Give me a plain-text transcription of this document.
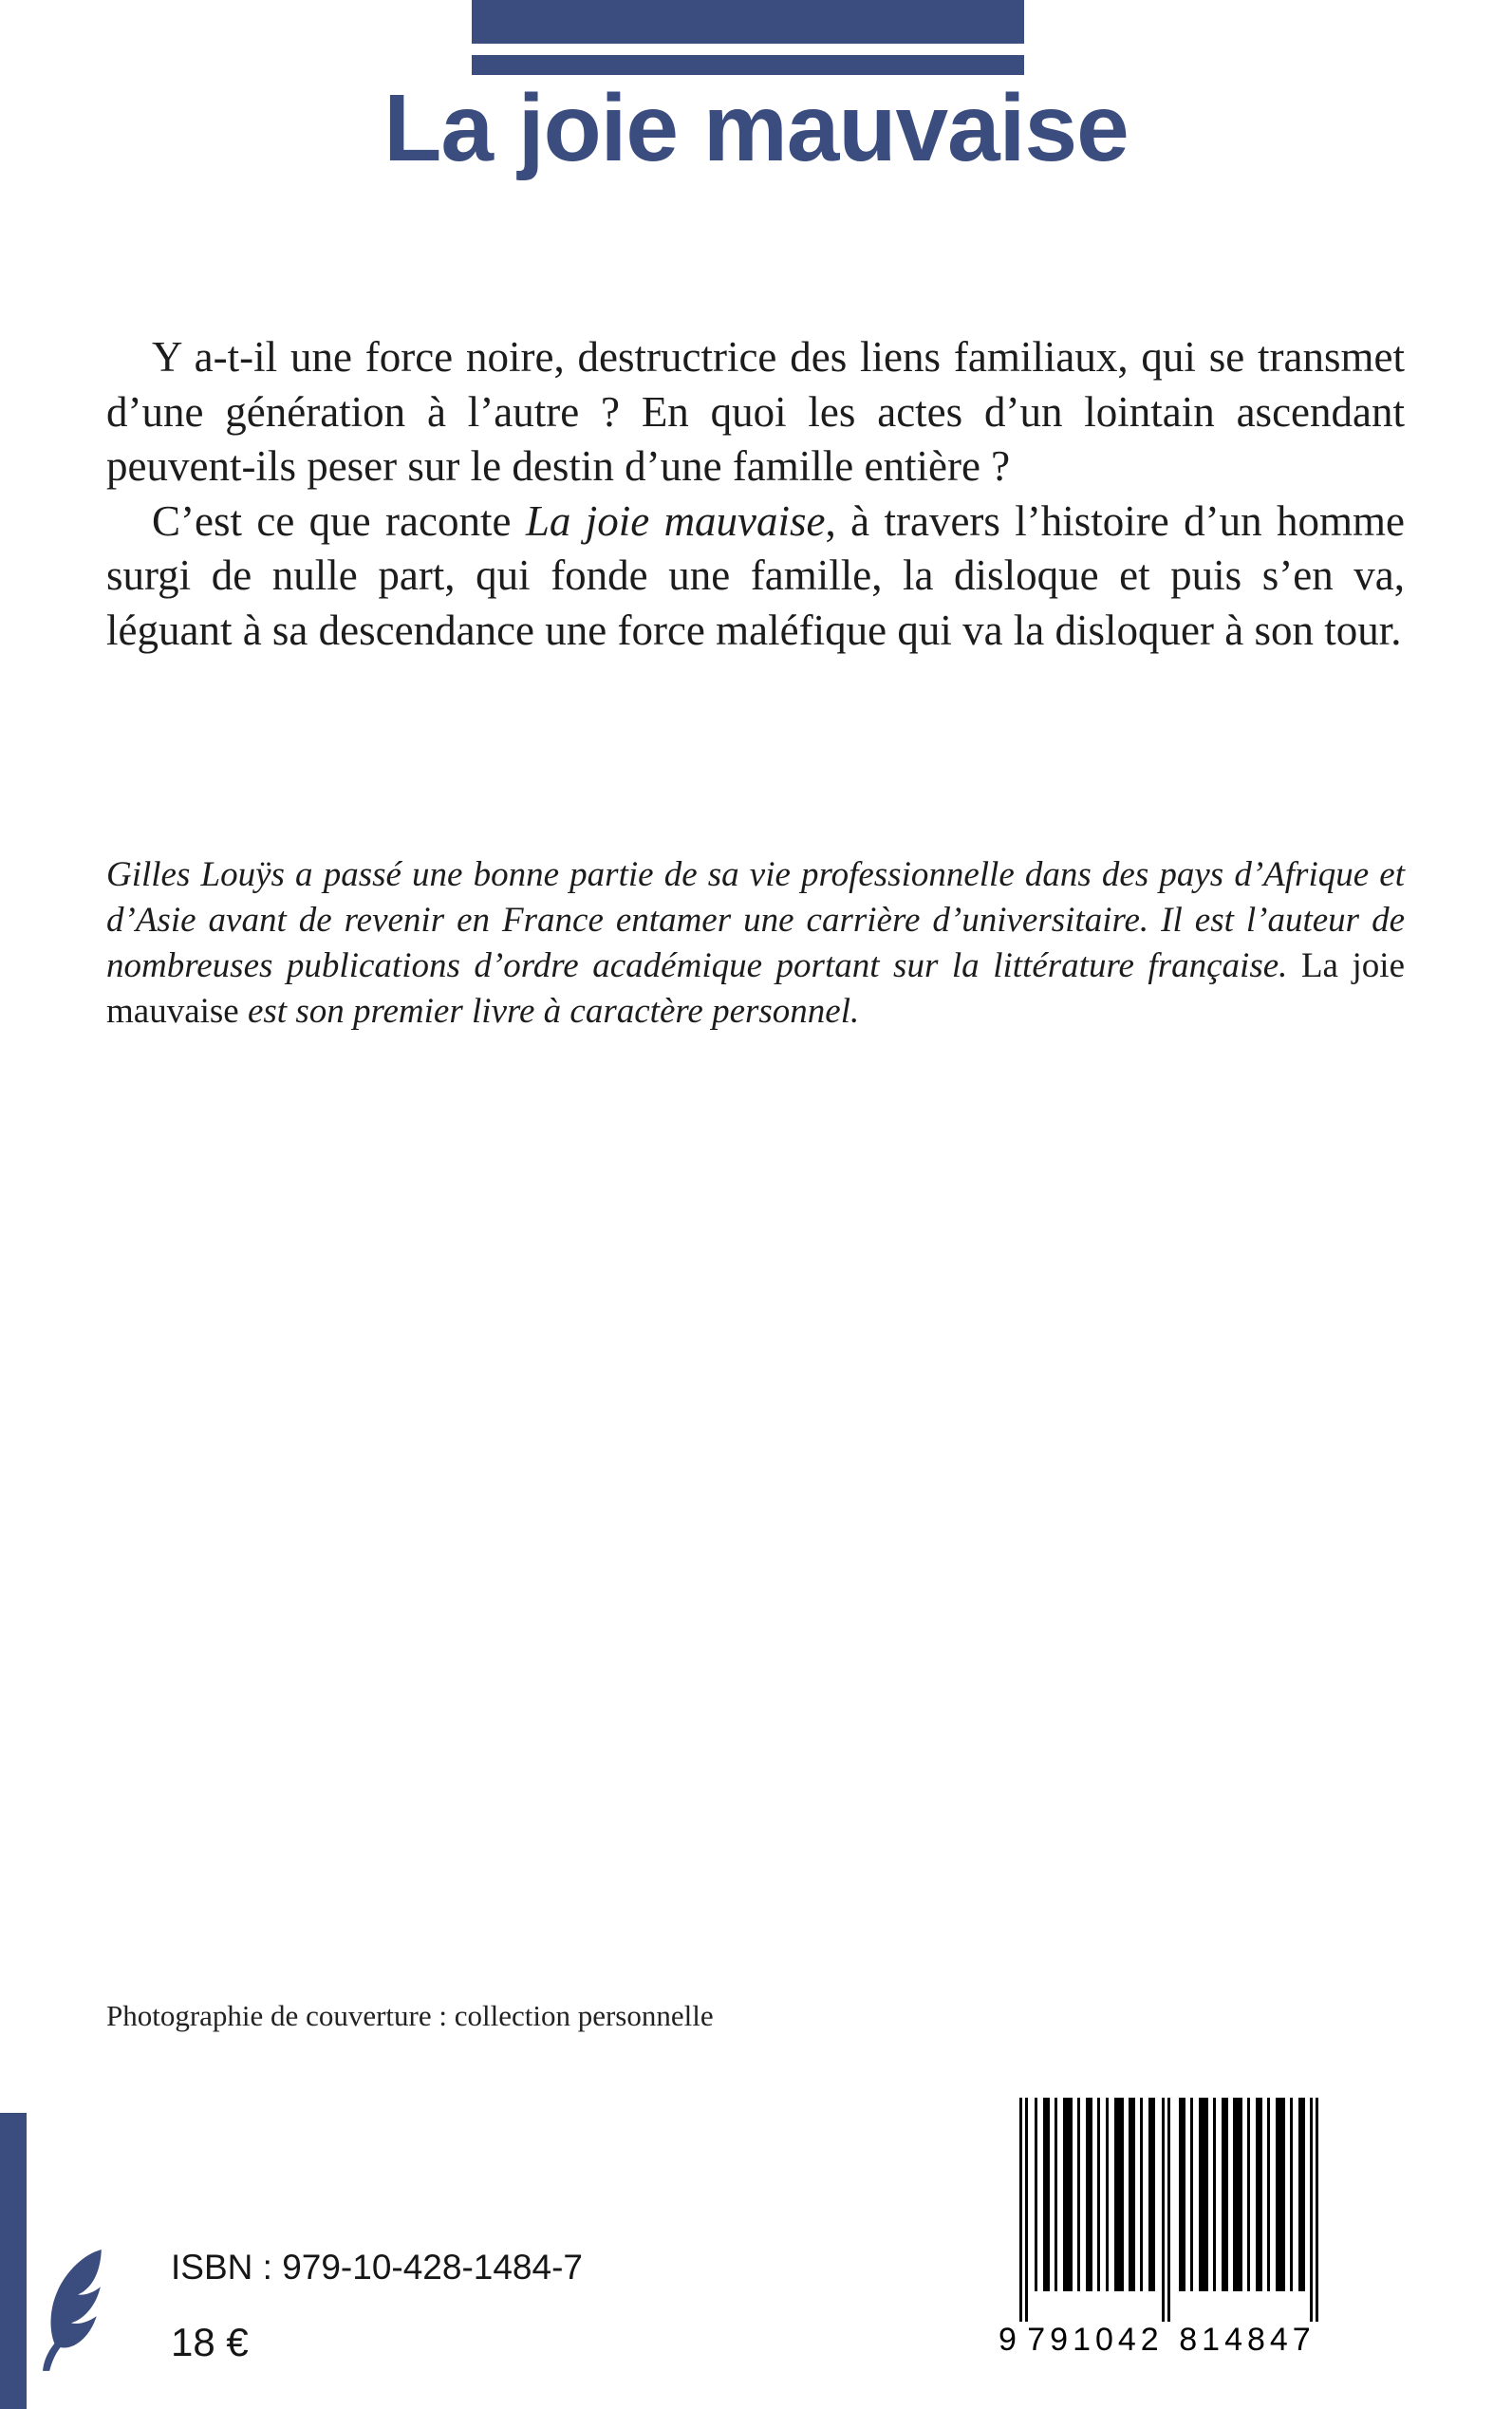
La joie mauvaise

Y a-t-il une force noire, destructrice des liens familiaux, qui se transmet d’une génération à l’autre ? En quoi les actes d’un lointain ascendant peuvent-ils peser sur le destin d’une famille entière ?

C’est ce que raconte La joie mauvaise, à travers l’histoire d’un homme surgi de nulle part, qui fonde une famille, la disloque et puis s’en va, léguant à sa descendance une force maléfique qui va la disloquer à son tour.

Gilles Louÿs a passé une bonne partie de sa vie professionnelle dans des pays d’Afrique et d’Asie avant de revenir en France entamer une carrière d’universitaire. Il est l’auteur de nombreuses publications d’ordre académique portant sur la littérature française. La joie mauvaise est son premier livre à caractère personnel.

Photographie de couverture : collection personnelle
ISBN : 979-10-428-1484-7
18 €	9 791042 814847
